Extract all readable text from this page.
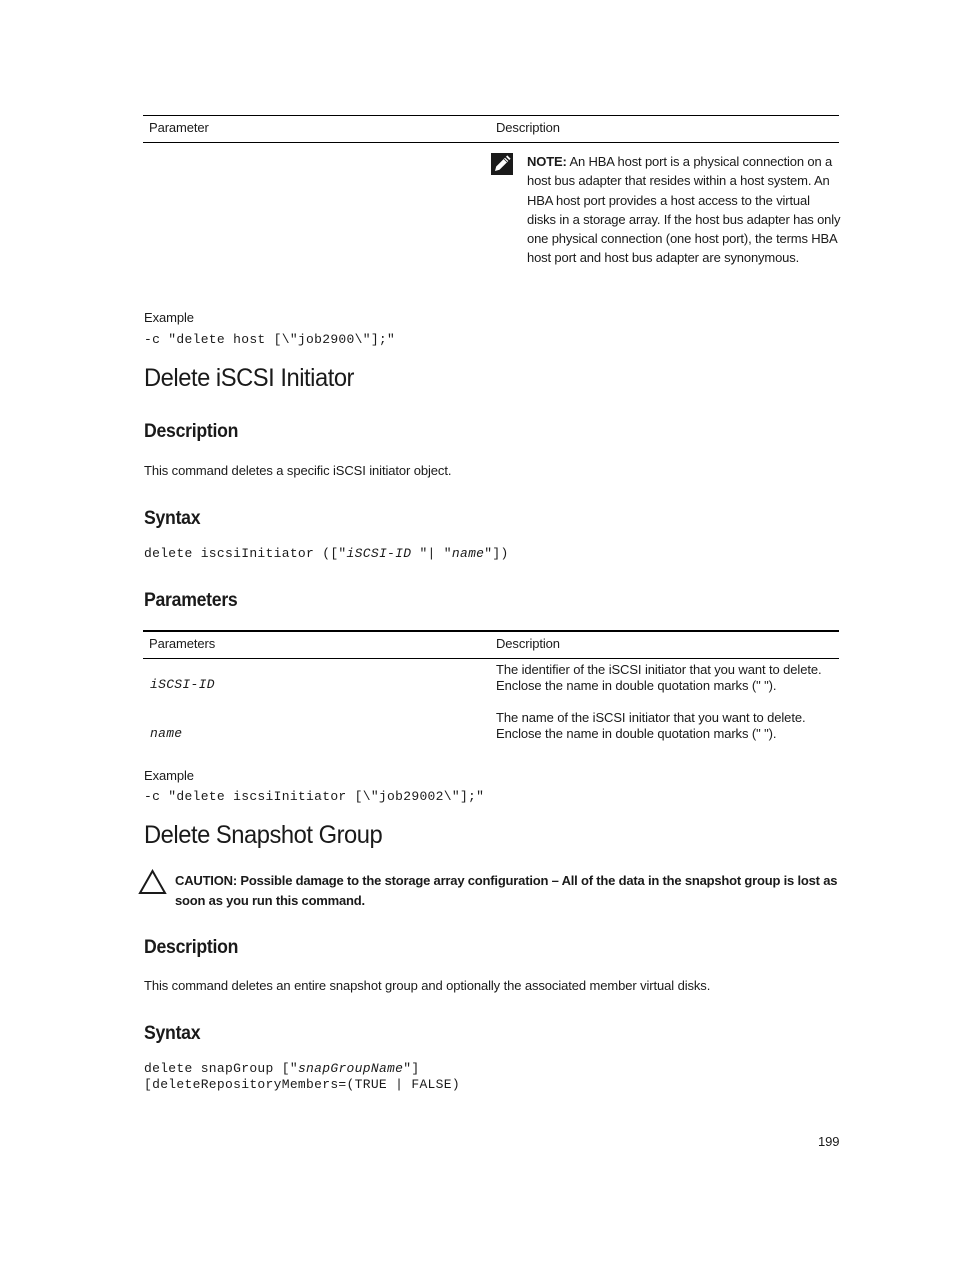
Parameter	Description
NOTE: An HBA host port is a physical connection on a host bus adapter that resides within a host system. An HBA host port provides a host access to the virtual disks in a storage array. If the host bus adapter has only one physical connection (one host port), the terms HBA host port and host bus adapter are synonymous.
Example
-c "delete host [\"job2900\"];"
Delete iSCSI Initiator
Description
This command deletes a specific iSCSI initiator object.
Syntax
delete iscsiInitiator (["iSCSI-ID "| "name"])
Parameters
Parameters	Description
iSCSI-ID
The identifier of the iSCSI initiator that you want to delete.
Enclose the name in double quotation marks (" ").
name
The name of the iSCSI initiator that you want to delete.
Enclose the name in double quotation marks (" ").
Example
-c "delete iscsiInitiator [\"job29002\"];"
Delete Snapshot Group
CAUTION: Possible damage to the storage array configuration – All of the data in the snapshot group is lost as
soon as you run this command.
Description
This command deletes an entire snapshot group and optionally the associated member virtual disks.
Syntax
delete snapGroup ["snapGroupName"]
[deleteRepositoryMembers=(TRUE | FALSE)
199
